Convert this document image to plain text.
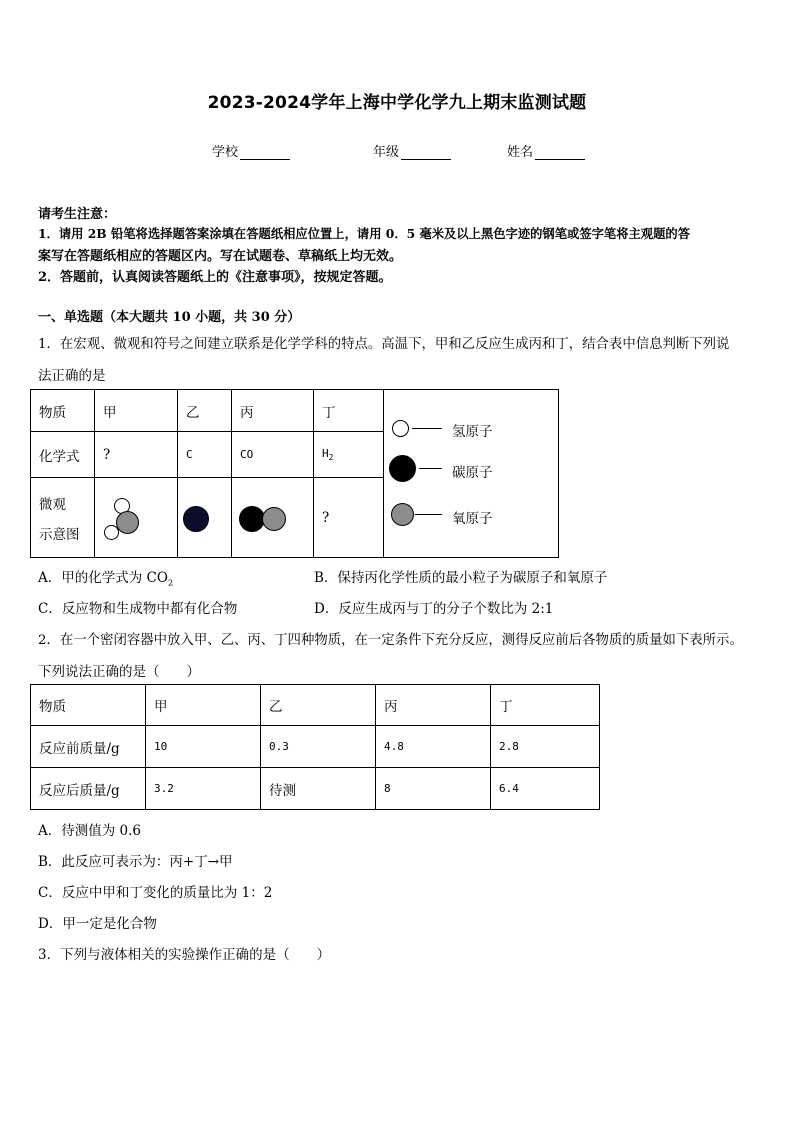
2023-2024学年上海中学化学九上期末监测试题
学校	年级	姓名
请考生注意：
1．请用 2B 铅笔将选择题答案涂填在答题纸相应位置上，请用 0．5 毫米及以上黑色字迹的钢笔或签字笔将主观题的答
案写在答题纸相应的答题区内。写在试题卷、草稿纸上均无效。
2．答题前，认真阅读答题纸上的《注意事项》，按规定答题。
一、单选题（本大题共 10 小题，共 30 分）
1．在宏观、微观和符号之间建立联系是化学学科的特点。高温下，甲和乙反应生成丙和丁，结合表中信息判断下列说
法正确的是
物质	甲	乙	丙	丁	
化学式	?	C	CO	$H_2$

微观
示意图				?	
氢原子
碳原子
氧原子
A．甲的化学式为 $CO_2$	B．保持丙化学性质的最小粒子为碳原子和氧原子
C．反应物和生成物中都有化合物	D．反应生成丙与丁的分子个数比为 2:1
2．在一个密闭容器中放入甲、乙、丙、丁四种物质，在一定条件下充分反应，测得反应前后各物质的质量如下表所示。
下列说法正确的是（　　）
物质	甲	乙	丙	丁
反应前质量/g	10	0.3	4.8	2.8
反应后质量/g	3.2	待测	8	6.4
A．待测值为 0.6
B．此反应可表示为：丙+丁→甲
C．反应中甲和丁变化的质量比为 1：2
D．甲一定是化合物
3．下列与液体相关的实验操作正确的是（　　）
